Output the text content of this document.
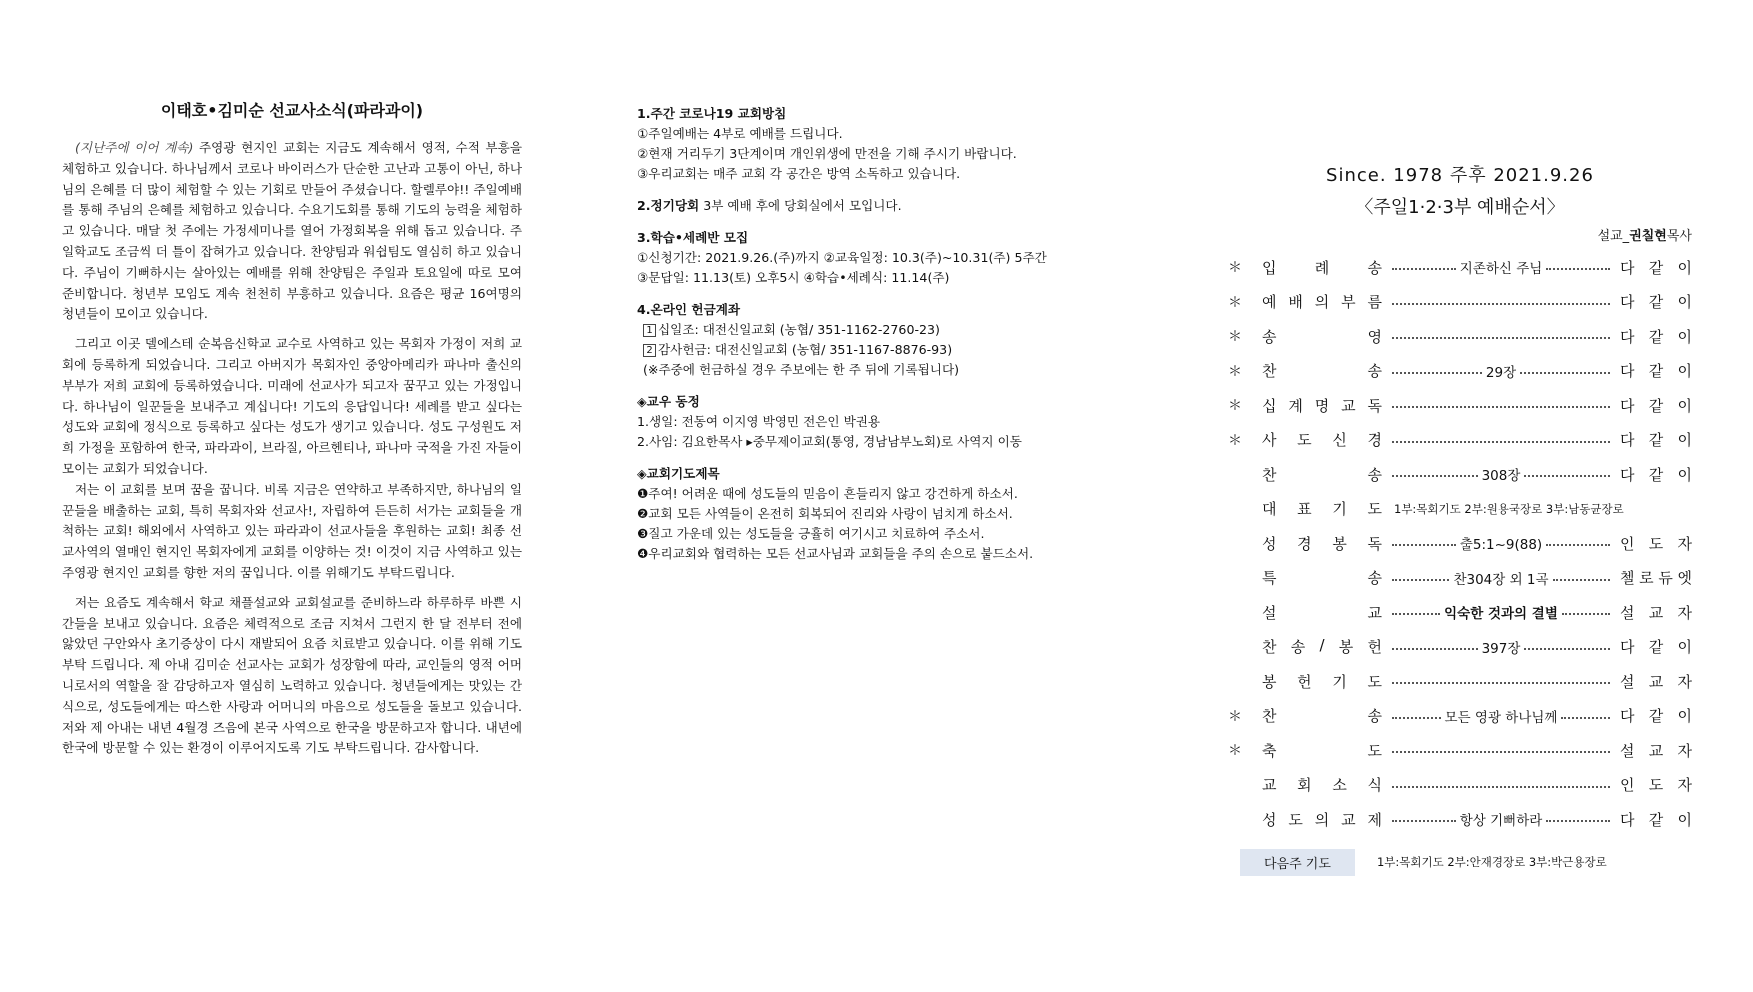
이태호•김미순 선교사소식(파라과이)
(지난주에 이어 계속) 주영광 현지인 교회는 지금도 계속해서 영적, 수적 부흥을 체험하고 있습니다. 하나님께서 코로나 바이러스가 단순한 고난과 고통이 아닌, 하나님의 은혜를 더 많이 체험할 수 있는 기회로 만들어 주셨습니다. 할렐루야!! 주일예배를 통해 주님의 은혜를 체험하고 있습니다. 수요기도회를 통해 기도의 능력을 체험하고 있습니다. 매달 첫 주에는 가정세미나를 열어 가정회복을 위해 돕고 있습니다. 주일학교도 조금씩 더 틀이 잡혀가고 있습니다. 찬양팀과 워쉽팀도 열심히 하고 있습니다. 주님이 기뻐하시는 살아있는 예배를 위해 찬양팀은 주일과 토요일에 따로 모여 준비합니다. 청년부 모임도 계속 천천히 부흥하고 있습니다. 요즘은 평균 16여명의 청년들이 모이고 있습니다.
그리고 이곳 델에스테 순복음신학교 교수로 사역하고 있는 목회자 가정이 저희 교회에 등록하게 되었습니다. 그리고 아버지가 목회자인 중앙아메리카 파나마 출신의 부부가 저희 교회에 등록하였습니다. 미래에 선교사가 되고자 꿈꾸고 있는 가정입니다. 하나님이 일꾼들을 보내주고 계십니다! 기도의 응답입니다! 세례를 받고 싶다는 성도와 교회에 정식으로 등록하고 싶다는 성도가 생기고 있습니다. 성도 구성원도 저희 가정을 포함하여 한국, 파라과이, 브라질, 아르헨티나, 파나마 국적을 가진 자들이 모이는 교회가 되었습니다.
저는 이 교회를 보며 꿈을 꿉니다. 비록 지금은 연약하고 부족하지만, 하나님의 일꾼들을 배출하는 교회, 특히 목회자와 선교사!, 자립하여 든든히 서가는 교회들을 개척하는 교회! 해외에서 사역하고 있는 파라과이 선교사들을 후원하는 교회! 최종 선교사역의 열매인 현지인 목회자에게 교회를 이양하는 것! 이것이 지금 사역하고 있는 주영광 현지인 교회를 향한 저의 꿈입니다. 이를 위해기도 부탁드립니다.
저는 요즘도 계속해서 학교 채플설교와 교회설교를 준비하느라 하루하루 바쁜 시간들을 보내고 있습니다. 요즘은 체력적으로 조금 지쳐서 그런지 한 달 전부터 전에 앓았던 구안와사 초기증상이 다시 재발되어 요즘 치료받고 있습니다. 이를 위해 기도부탁 드립니다. 제 아내 김미순 선교사는 교회가 성장함에 따라, 교인들의 영적 어머니로서의 역할을 잘 감당하고자 열심히 노력하고 있습니다. 청년들에게는 맛있는 간식으로, 성도들에게는 따스한 사랑과 어머니의 마음으로 성도들을 돌보고 있습니다. 저와 제 아내는 내년 4월경 즈음에 본국 사역으로 한국을 방문하고자 합니다. 내년에 한국에 방문할 수 있는 환경이 이루어지도록 기도 부탁드립니다. 감사합니다.
1.주간 코로나19 교회방침
①주일예배는 4부로 예배를 드립니다.
②현재 거리두기 3단계이며 개인위생에 만전을 기해 주시기 바랍니다.
③우리교회는 매주 교회 각 공간은 방역 소독하고 있습니다.
2.정기당회 3부 예배 후에 당회실에서 모입니다.
3.학습•세례반 모집
①신청기간: 2021.9.26.(주)까지 ②교육일정: 10.3(주)~10.31(주) 5주간
③문답일: 11.13(토) 오후5시 ④학습•세례식: 11.14(주)
4.온라인 헌금계좌
1 십일조: 대전신일교회 (농협/ 351-1162-2760-23)
2 감사헌금: 대전신일교회 (농협/ 351-1167-8876-93)
(※주중에 헌금하실 경우 주보에는 한 주 뒤에 기록됩니다)
◈교우 동정
1.생일: 전동여 이지영 박영민 전은인 박권용
2.사임: 김요한목사 ▸중무제이교회(통영, 경남남부노회)로 사역지 이동
◈교회기도제목
❶주여! 어려운 때에 성도들의 믿음이 흔들리지 않고 강건하게 하소서.
❷교회 모든 사역들이 온전히 회복되어 진리와 사랑이 넘치게 하소서.
❸질고 가운데 있는 성도들을 긍휼히 여기시고 치료하여 주소서.
❹우리교회와 협력하는 모든 선교사님과 교회들을 주의 손으로 붙드소서.
Since. 1978 주후 2021.9.26
〈주일1·2·3부 예배순서〉
설교_권칠현목사
＊	입	례	송	지존하신 주님	다 같 이
＊	예 배 의 부 름	다 같 이
＊	송	영	다 같 이
＊	찬	송	29장	다 같 이
＊	십 계 명 교 독	다 같 이
＊	사 도 신 경	다 같 이
찬	송	308장	다 같 이
대 표 기 도 1부:목회기도 2부:원용국장로 3부:남동균장로
성 경 봉 독	출5:1~9(88)	인 도 자
특	송	찬304장 외 1곡	첼 로 듀 엣
설	교	익숙한 것과의 결별	설 교 자
찬 송 / 봉 헌	397장	다 같 이
봉 헌 기 도	설 교 자
＊	찬	송	모든 영광 하나님께	다 같 이
＊	축	도	설 교 자
교 회 소 식	인 도 자
성 도 의 교 제	항상 기뻐하라	다 같 이
다음주 기도	1부:목회기도 2부:안재경장로 3부:박근용장로
